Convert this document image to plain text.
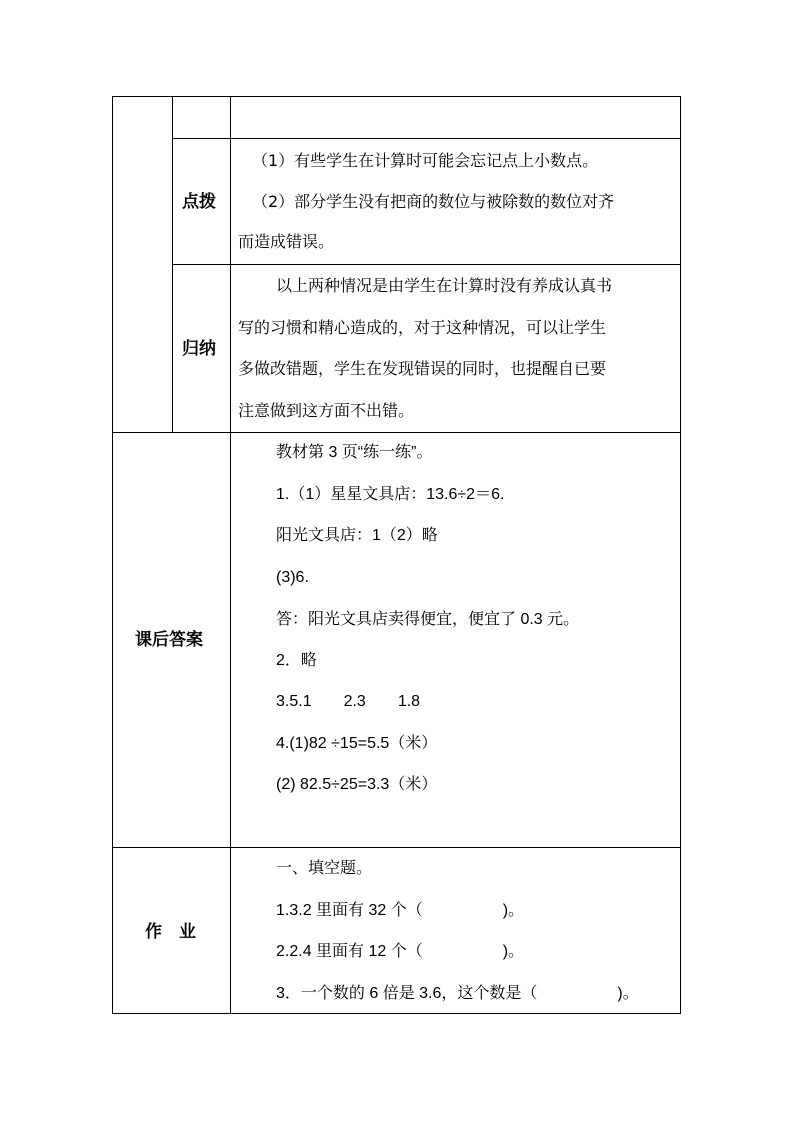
点拨
（1）有些学生在计算时可能会忘记点上小数点。
（2）部分学生没有把商的数位与被除数的数位对齐
而造成错误。
归纳
以上两种情况是由学生在计算时没有养成认真书
写的习惯和精心造成的，对于这种情况，可以让学生
多做改错题，学生在发现错误的同时，也提醒自已要
注意做到这方面不出错。
课后答案
教材第 3 页“练一练”。
1.（1）星星文具店：13.6÷2＝6.
阳光文具店：1（2）略
(3)6.
答：阳光文具店卖得便宜，便宜了 0.3 元。
2．略
3.5.1　　2.3　　1.8
4.(1)82 ÷15=5.5（米）
(2) 82.5÷25=3.3（米）
作　业
一、填空题。
1.3.2 里面有 32 个（　　　　　)。
2.2.4 里面有 12 个（　　　　　)。
3．一个数的 6 倍是 3.6，这个数是（　　　　　)。
